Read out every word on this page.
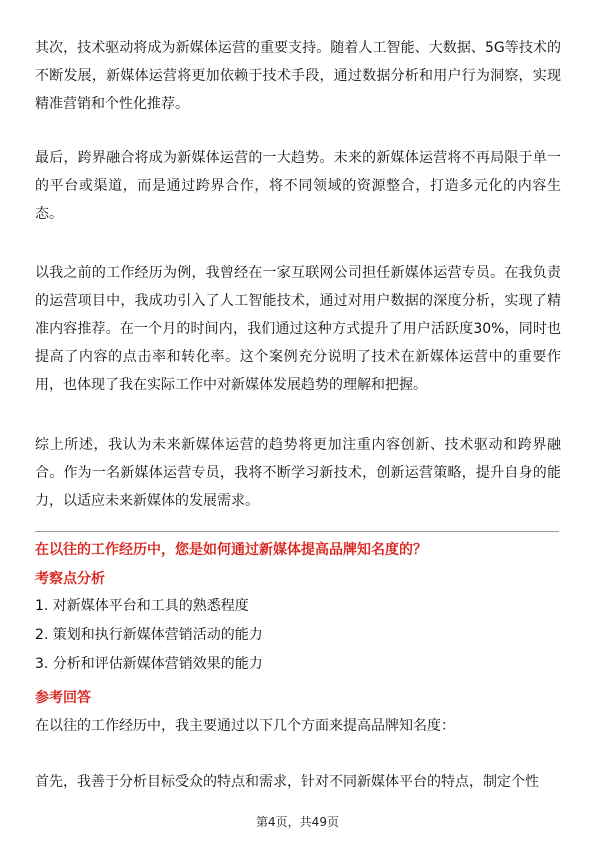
其次，技术驱动将成为新媒体运营的重要支持。随着人工智能、大数据、5G等技术的不断发展，新媒体运营将更加依赖于技术手段，通过数据分析和用户行为洞察，实现精准营销和个性化推荐。

最后，跨界融合将成为新媒体运营的一大趋势。未来的新媒体运营将不再局限于单一的平台或渠道，而是通过跨界合作，将不同领域的资源整合，打造多元化的内容生态。

以我之前的工作经历为例，我曾经在一家互联网公司担任新媒体运营专员。在我负责的运营项目中，我成功引入了人工智能技术，通过对用户数据的深度分析，实现了精准内容推荐。在一个月的时间内，我们通过这种方式提升了用户活跃度30%，同时也提高了内容的点击率和转化率。这个案例充分说明了技术在新媒体运营中的重要作用，也体现了我在实际工作中对新媒体发展趋势的理解和把握。

综上所述，我认为未来新媒体运营的趋势将更加注重内容创新、技术驱动和跨界融合。作为一名新媒体运营专员，我将不断学习新技术，创新运营策略，提升自身的能力，以适应未来新媒体的发展需求。

在以往的工作经历中，您是如何通过新媒体提高品牌知名度的？

考察点分析

1. 对新媒体平台和工具的熟悉程度
2. 策划和执行新媒体营销活动的能力
3. 分析和评估新媒体营销效果的能力

参考回答

在以往的工作经历中，我主要通过以下几个方面来提高品牌知名度：

首先，我善于分析目标受众的特点和需求，针对不同新媒体平台的特点，制定个性

第4页，共49页
